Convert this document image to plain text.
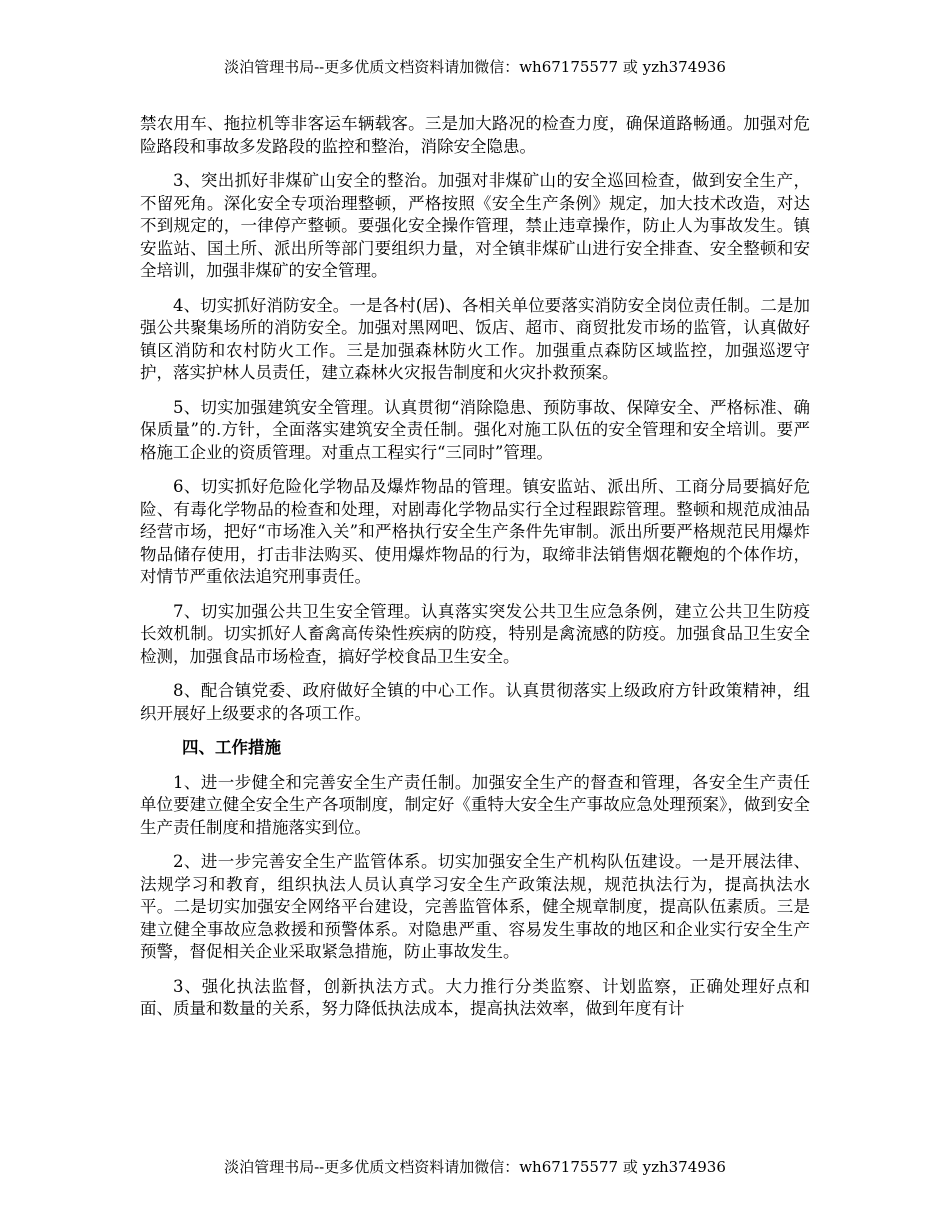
淡泊管理书局--更多优质文档资料请加微信：wh67175577 或 yzh374936

禁农用车、拖拉机等非客运车辆载客。三是加大路况的检查力度，确保道路畅通。加强对危险路段和事故多发路段的监控和整治，消除安全隐患。

3、突出抓好非煤矿山安全的整治。加强对非煤矿山的安全巡回检查，做到安全生产，不留死角。深化安全专项治理整顿，严格按照《安全生产条例》规定，加大技术改造，对达不到规定的，一律停产整顿。要强化安全操作管理，禁止违章操作，防止人为事故发生。镇安监站、国土所、派出所等部门要组织力量，对全镇非煤矿山进行安全排查、安全整顿和安全培训，加强非煤矿的安全管理。

4、切实抓好消防安全。一是各村(居)、各相关单位要落实消防安全岗位责任制。二是加强公共聚集场所的消防安全。加强对黑网吧、饭店、超市、商贸批发市场的监管，认真做好镇区消防和农村防火工作。三是加强森林防火工作。加强重点森防区域监控，加强巡逻守护，落实护林人员责任，建立森林火灾报告制度和火灾扑救预案。

5、切实加强建筑安全管理。认真贯彻“消除隐患、预防事故、保障安全、严格标准、确保质量”的.方针，全面落实建筑安全责任制。强化对施工队伍的安全管理和安全培训。要严格施工企业的资质管理。对重点工程实行“三同时”管理。

6、切实抓好危险化学物品及爆炸物品的管理。镇安监站、派出所、工商分局要搞好危险、有毒化学物品的检查和处理，对剧毒化学物品实行全过程跟踪管理。整顿和规范成油品经营市场，把好“市场准入关”和严格执行安全生产条件先审制。派出所要严格规范民用爆炸物品储存使用，打击非法购买、使用爆炸物品的行为，取缔非法销售烟花鞭炮的个体作坊，对情节严重依法追究刑事责任。

7、切实加强公共卫生安全管理。认真落实突发公共卫生应急条例，建立公共卫生防疫长效机制。切实抓好人畜禽高传染性疾病的防疫，特别是禽流感的防疫。加强食品卫生安全检测，加强食品市场检查，搞好学校食品卫生安全。

8、配合镇党委、政府做好全镇的中心工作。认真贯彻落实上级政府方针政策精神，组织开展好上级要求的各项工作。

四、工作措施

1、进一步健全和完善安全生产责任制。加强安全生产的督查和管理，各安全生产责任单位要建立健全安全生产各项制度，制定好《重特大安全生产事故应急处理预案》，做到安全生产责任制度和措施落实到位。

2、进一步完善安全生产监管体系。切实加强安全生产机构队伍建设。一是开展法律、法规学习和教育，组织执法人员认真学习安全生产政策法规，规范执法行为，提高执法水平。二是切实加强安全网络平台建设，完善监管体系，健全规章制度，提高队伍素质。三是建立健全事故应急救援和预警体系。对隐患严重、容易发生事故的地区和企业实行安全生产预警，督促相关企业采取紧急措施，防止事故发生。

3、强化执法监督，创新执法方式。大力推行分类监察、计划监察，正确处理好点和面、质量和数量的关系，努力降低执法成本，提高执法效率，做到年度有计

淡泊管理书局--更多优质文档资料请加微信：wh67175577 或 yzh374936
